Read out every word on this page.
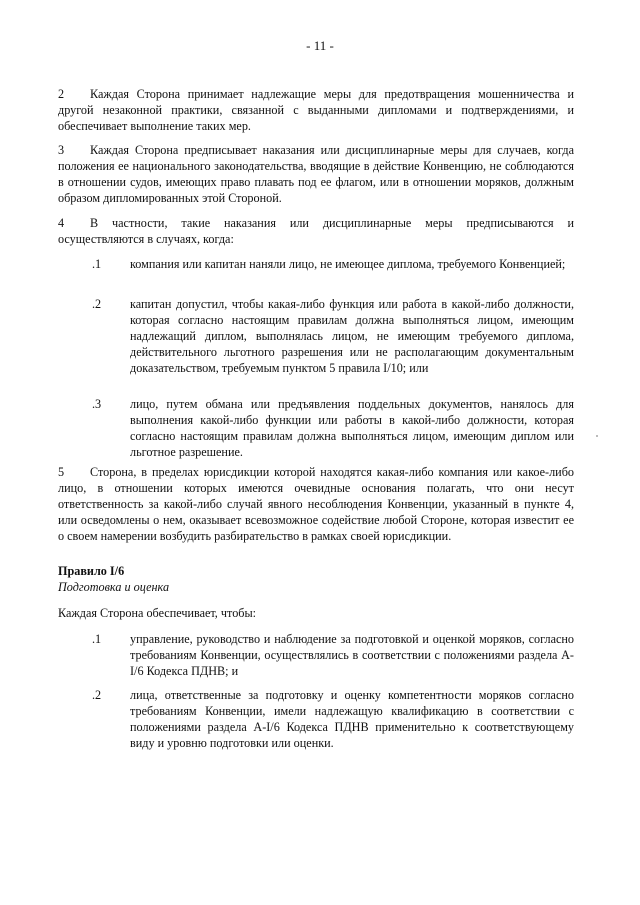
- 11 -
2 Каждая Сторона принимает надлежащие меры для предотвращения мошенничества и другой незаконной практики, связанной с выданными дипломами и подтверждениями, и обеспечивает выполнение таких мер.
3 Каждая Сторона предписывает наказания или дисциплинарные меры для случаев, когда положения ее национального законодательства, вводящие в действие Конвенцию, не соблюдаются в отношении судов, имеющих право плавать под ее флагом, или в отношении моряков, должным образом дипломированных этой Стороной.
4 В частности, такие наказания или дисциплинарные меры предписываются и осуществляются в случаях, когда:
.1 компания или капитан наняли лицо, не имеющее диплома, требуемого Конвенцией;
.2 капитан допустил, чтобы какая-либо функция или работа в какой-либо должности, которая согласно настоящим правилам должна выполняться лицом, имеющим надлежащий диплом, выполнялась лицом, не имеющим требуемого диплома, действительного льготного разрешения или не располагающим документальным доказательством, требуемым пунктом 5 правила I/10; или
.3 лицо, путем обмана или предъявления поддельных документов, нанялось для выполнения какой-либо функции или работы в какой-либо должности, которая согласно настоящим правилам должна выполняться лицом, имеющим диплом или льготное разрешение.
5 Сторона, в пределах юрисдикции которой находятся какая-либо компания или какое-либо лицо, в отношении которых имеются очевидные основания полагать, что они несут ответственность за какой-либо случай явного несоблюдения Конвенции, указанный в пункте 4, или осведомлены о нем, оказывает всевозможное содействие любой Стороне, которая известит ее о своем намерении возбудить разбирательство в рамках своей юрисдикции.
Правило I/6
Подготовка и оценка
Каждая Сторона обеспечивает, чтобы:
.1 управление, руководство и наблюдение за подготовкой и оценкой моряков, согласно требованиям Конвенции, осуществлялись в соответствии с положениями раздела A-I/6 Кодекса ПДНВ; и
.2 лица, ответственные за подготовку и оценку компетентности моряков согласно требованиям Конвенции, имели надлежащую квалификацию в соответствии с положениями раздела A-I/6 Кодекса ПДНВ применительно к соответствующему виду и уровню подготовки или оценки.
